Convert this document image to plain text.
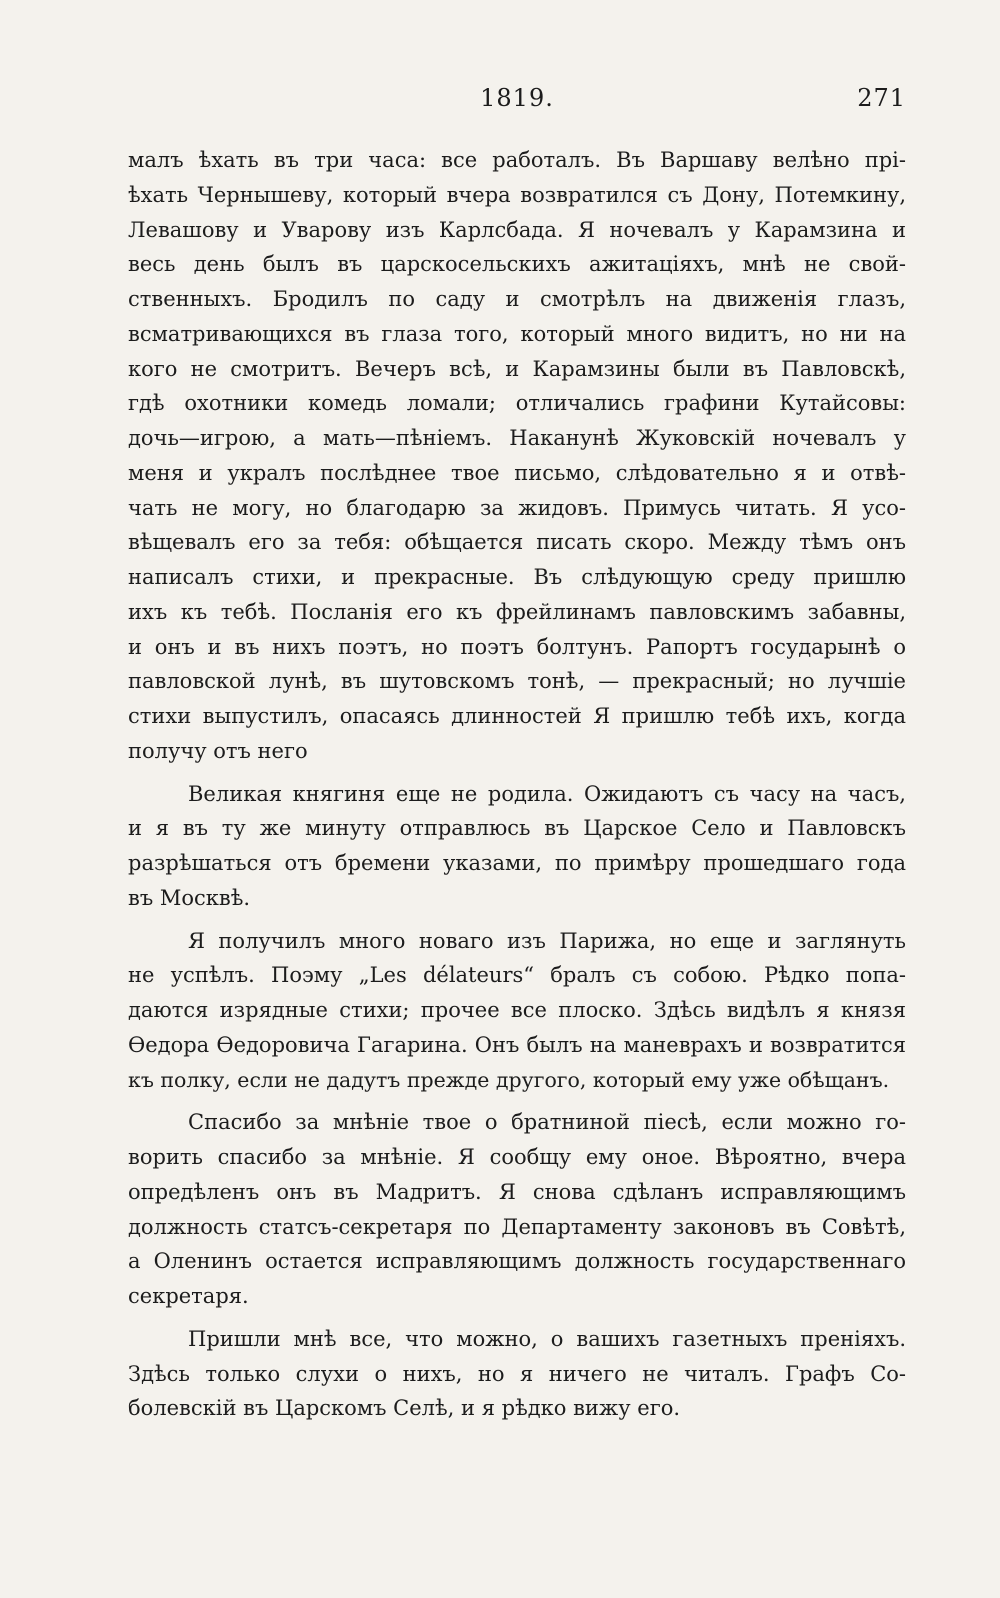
1819.	271
малъ ѣхать въ три часа: все работалъ. Въ Варшаву велѣно прі-
ѣхать Чернышеву, который вчера возвратился съ Дону, Потемкину,
Левашову и Уварову изъ Карлсбада. Я ночевалъ у Карамзина и
весь день былъ въ царскосельскихъ ажитаціяхъ, мнѣ не свой-
ственныхъ. Бродилъ по саду и смотрѣлъ на движенія глазъ,
всматривающихся въ глаза того, который много видитъ, но ни на
кого не смотритъ. Вечеръ всѣ, и Карамзины были въ Павловскѣ,
гдѣ охотники комедь ломали; отличались графини Кутайсовы:
дочь—игрою, а мать—пѣніемъ. Наканунѣ Жуковскій ночевалъ у
меня и укралъ послѣднее твое письмо, слѣдовательно я и отвѣ-
чать не могу, но благодарю за жидовъ. Примусь читать. Я усо-
вѣщевалъ его за тебя: обѣщается писать скоро. Между тѣмъ онъ
написалъ стихи, и прекрасные. Въ слѣдующую среду пришлю
ихъ къ тебѣ. Посланія его къ фрейлинамъ павловскимъ забавны,
и онъ и въ нихъ поэтъ, но поэтъ болтунъ. Рапортъ государынѣ о
павловской лунѣ, въ шутовскомъ тонѣ, — прекрасный; но лучшіе
стихи выпустилъ, опасаясь длинностей Я пришлю тебѣ ихъ, когда
получу отъ него
Великая княгиня еще не родила. Ожидаютъ съ часу на часъ,
и я въ ту же минуту отправлюсь въ Царское Село и Павловскъ
разрѣшаться отъ бремени указами, по примѣру прошедшаго года
въ Москвѣ.
Я получилъ много новаго изъ Парижа, но еще и заглянуть
не успѣлъ. Поэму „Les délateurs“ бралъ съ собою. Рѣдко попа-
даются изрядные стихи; прочее все плоско. Здѣсь видѣлъ я князя
Ѳедора Ѳедоровича Гагарина. Онъ былъ на маневрахъ и возвратится
къ полку, если не дадутъ прежде другого, который ему уже обѣщанъ.
Спасибо за мнѣніе твое о братниной піесѣ, если можно го-
ворить спасибо за мнѣніе. Я сообщу ему оное. Вѣроятно, вчера
опредѣленъ онъ въ Мадритъ. Я снова сдѣланъ исправляющимъ
должность статсъ-секретаря по Департаменту законовъ въ Совѣтѣ,
а Оленинъ остается исправляющимъ должность государственнаго
секретаря.
Пришли мнѣ все, что можно, о вашихъ газетныхъ преніяхъ.
Здѣсь только слухи о нихъ, но я ничего не читалъ. Графъ Со-
болевскій въ Царскомъ Селѣ, и я рѣдко вижу его.
